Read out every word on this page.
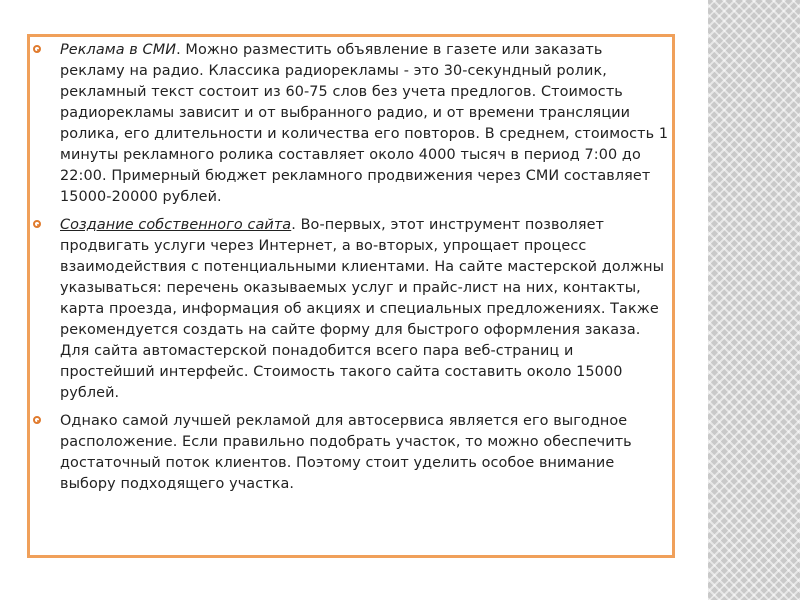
Реклама в СМИ. Можно разместить объявление в газете или заказать рекламу на радио. Классика радиорекламы - это 30-секундный ролик, рекламный текст состоит из 60-75 слов без учета предлогов. Стоимость радиорекламы зависит и от выбранного радио, и от времени трансляции ролика, его длительности и количества его повторов. В среднем, стоимость 1 минуты рекламного ролика составляет около 4000 тысяч в период 7:00 до 22:00. Примерный бюджет рекламного продвижения через СМИ составляет 15000-20000 рублей.

Создание собственного сайта. Во-первых, этот инструмент позволяет продвигать услуги через Интернет, а во-вторых, упрощает процесс взаимодействия с потенциальными клиентами. На сайте мастерской должны указываться: перечень оказываемых услуг и прайс-лист на них, контакты, карта проезда, информация об акциях и специальных предложениях. Также рекомендуется создать на сайте форму для быстрого оформления заказа. Для сайта автомастерской понадобится всего пара веб-страниц и простейший интерфейс. Стоимость такого сайта составить около 15000 рублей.

Однако самой лучшей рекламой для автосервиса является его выгодное расположение. Если правильно подобрать участок, то можно обеспечить достаточный поток клиентов. Поэтому стоит уделить особое внимание выбору подходящего участка.
